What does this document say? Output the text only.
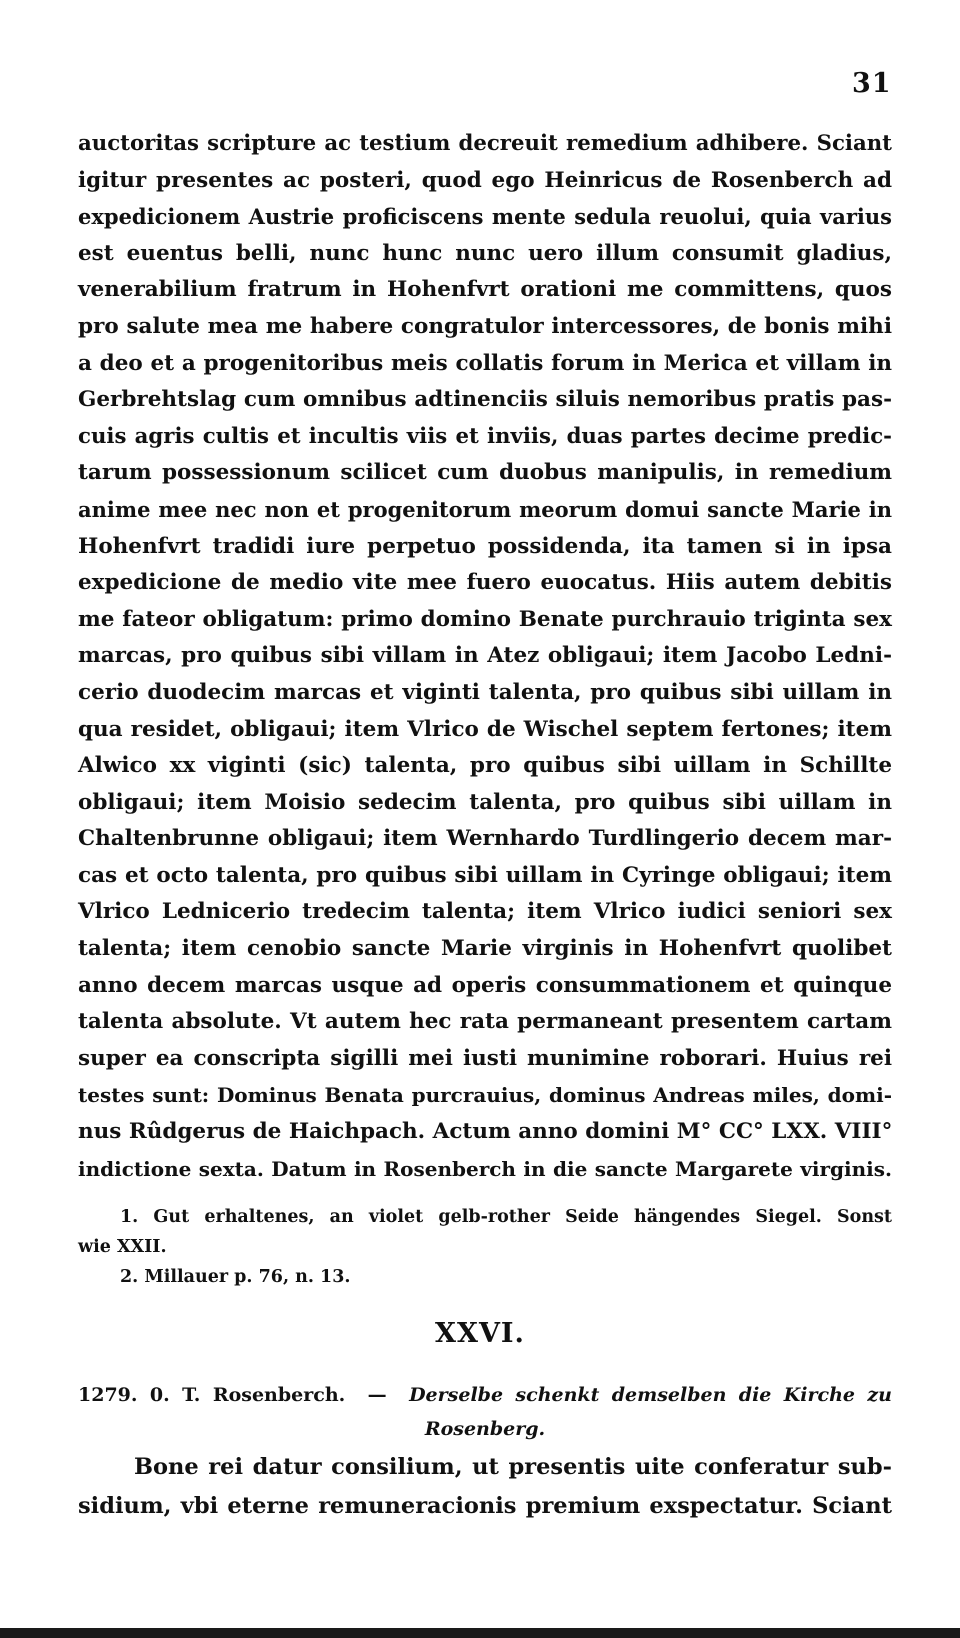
31
auctoritas scripture ac testium decreuit remedium adhibere. Sciant
igitur presentes ac posteri, quod ego Heinricus de Rosenberch ad
expedicionem Austrie proficiscens mente sedula reuolui, quia varius
est euentus belli, nunc hunc nunc uero illum consumit gladius,
venerabilium fratrum in Hohenfvrt orationi me committens, quos
pro salute mea me habere congratulor intercessores, de bonis mihi
a deo et a progenitoribus meis collatis forum in Merica et villam in
Gerbrehtslag cum omnibus adtinenciis siluis nemoribus pratis pas-
cuis agris cultis et incultis viis et inviis, duas partes decime predic-
tarum possessionum scilicet cum duobus manipulis, in remedium
anime mee nec non et progenitorum meorum domui sancte Marie in
Hohenfvrt tradidi iure perpetuo possidenda, ita tamen si in ipsa
expedicione de medio vite mee fuero euocatus. Hiis autem debitis
me fateor obligatum: primo domino Benate purchrauio triginta sex
marcas, pro quibus sibi villam in Atez obligaui; item Jacobo Ledni-
cerio duodecim marcas et viginti talenta, pro quibus sibi uillam in
qua residet, obligaui; item Vlrico de Wischel septem fertones; item
Alwico xx viginti (sic) talenta, pro quibus sibi uillam in Schillte
obligaui; item Moisio sedecim talenta, pro quibus sibi uillam in
Chaltenbrunne obligaui; item Wernhardo Turdlingerio decem mar-
cas et octo talenta, pro quibus sibi uillam in Cyringe obligaui; item
Vlrico Lednicerio tredecim talenta; item Vlrico iudici seniori sex
talenta; item cenobio sancte Marie virginis in Hohenfvrt quolibet
anno decem marcas usque ad operis consummationem et quinque
talenta absolute. Vt autem hec rata permaneant presentem cartam
super ea conscripta sigilli mei iusti munimine roborari. Huius rei
testes sunt: Dominus Benata purcrauius, dominus Andreas miles, domi-
nus Rûdgerus de Haichpach. Actum anno domini M° CC° LXX. VIII°
indictione sexta. Datum in Rosenberch in die sancte Margarete virginis.
1. Gut erhaltenes, an violet gelb-rother Seide hängendes Siegel. Sonst
wie XXII.
2. Millauer p. 76, n. 13.
XXVI.
1279. 0. T. Rosenberch. — Derselbe schenkt demselben die Kirche zu
Rosenberg.
Bone rei datur consilium, ut presentis uite conferatur sub-
sidium, vbi eterne remuneracionis premium exspectatur. Sciant
